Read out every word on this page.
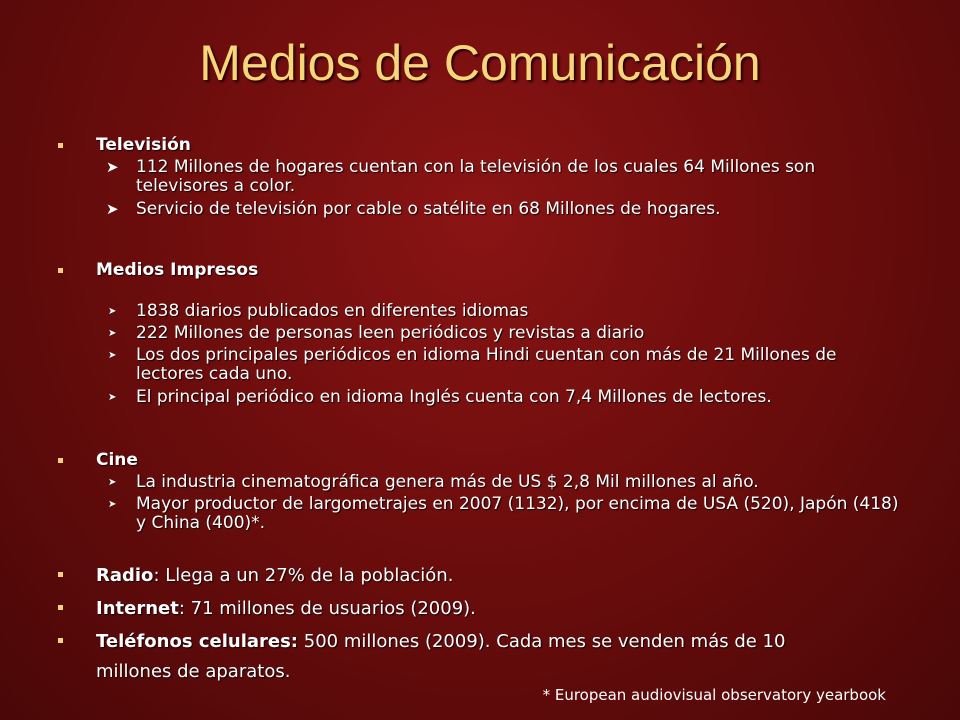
Medios de Comunicación
Televisión
➤ 112 Millones de hogares cuentan con la televisión de los cuales 64 Millones son televisores a color.
➤ Servicio de televisión por cable o satélite en 68 Millones de hogares.
Medios Impresos
➤ 1838 diarios publicados en diferentes idiomas
➤ 222 Millones de personas leen periódicos y revistas a diario
➤ Los dos principales periódicos en idioma Hindi cuentan con más de 21 Millones de lectores cada uno.
➤ El principal periódico en idioma Inglés cuenta con 7,4 Millones de lectores.
Cine
➤ La industria cinematográfica genera más de US $ 2,8 Mil millones al año.
➤ Mayor productor de largometrajes en 2007 (1132), por encima de USA (520), Japón (418) y China (400)*.
Radio: Llega a un 27% de la población.
Internet: 71 millones de usuarios (2009).
Teléfonos celulares: 500 millones (2009). Cada mes se venden más de 10 millones de aparatos.
* European audiovisual observatory yearbook
